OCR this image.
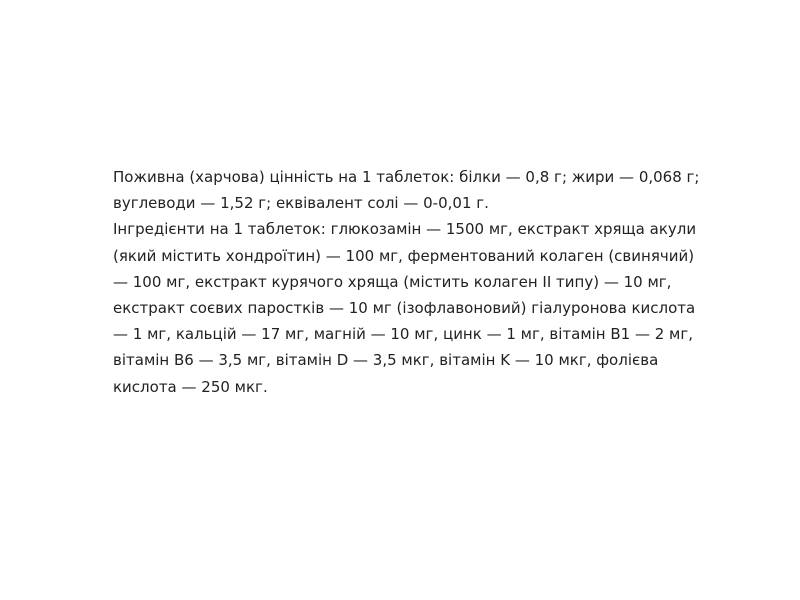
Поживна (харчова) цінність на 1 таблеток: білки — 0,8 г; жири — 0,068 г; вуглеводи — 1,52 г; еквівалент солі — 0-0,01 г.

Інгредієнти на 1 таблеток: глюкозамін — 1500 мг, екстракт хряща акули (який містить хондроїтин) — 100 мг, ферментований колаген (свинячий) — 100 мг, екстракт курячого хряща (містить колаген II типу) — 10 мг, екстракт соєвих паростків — 10 мг (ізофлавоновий) гіалуронова кислота — 1 мг, кальцій — 17 мг, магній — 10 мг, цинк — 1 мг, вітамін B1 — 2 мг, вітамін B6 — 3,5 мг, вітамін D — 3,5 мкг, вітамін K — 10 мкг, фолієва кислота — 250 мкг.
